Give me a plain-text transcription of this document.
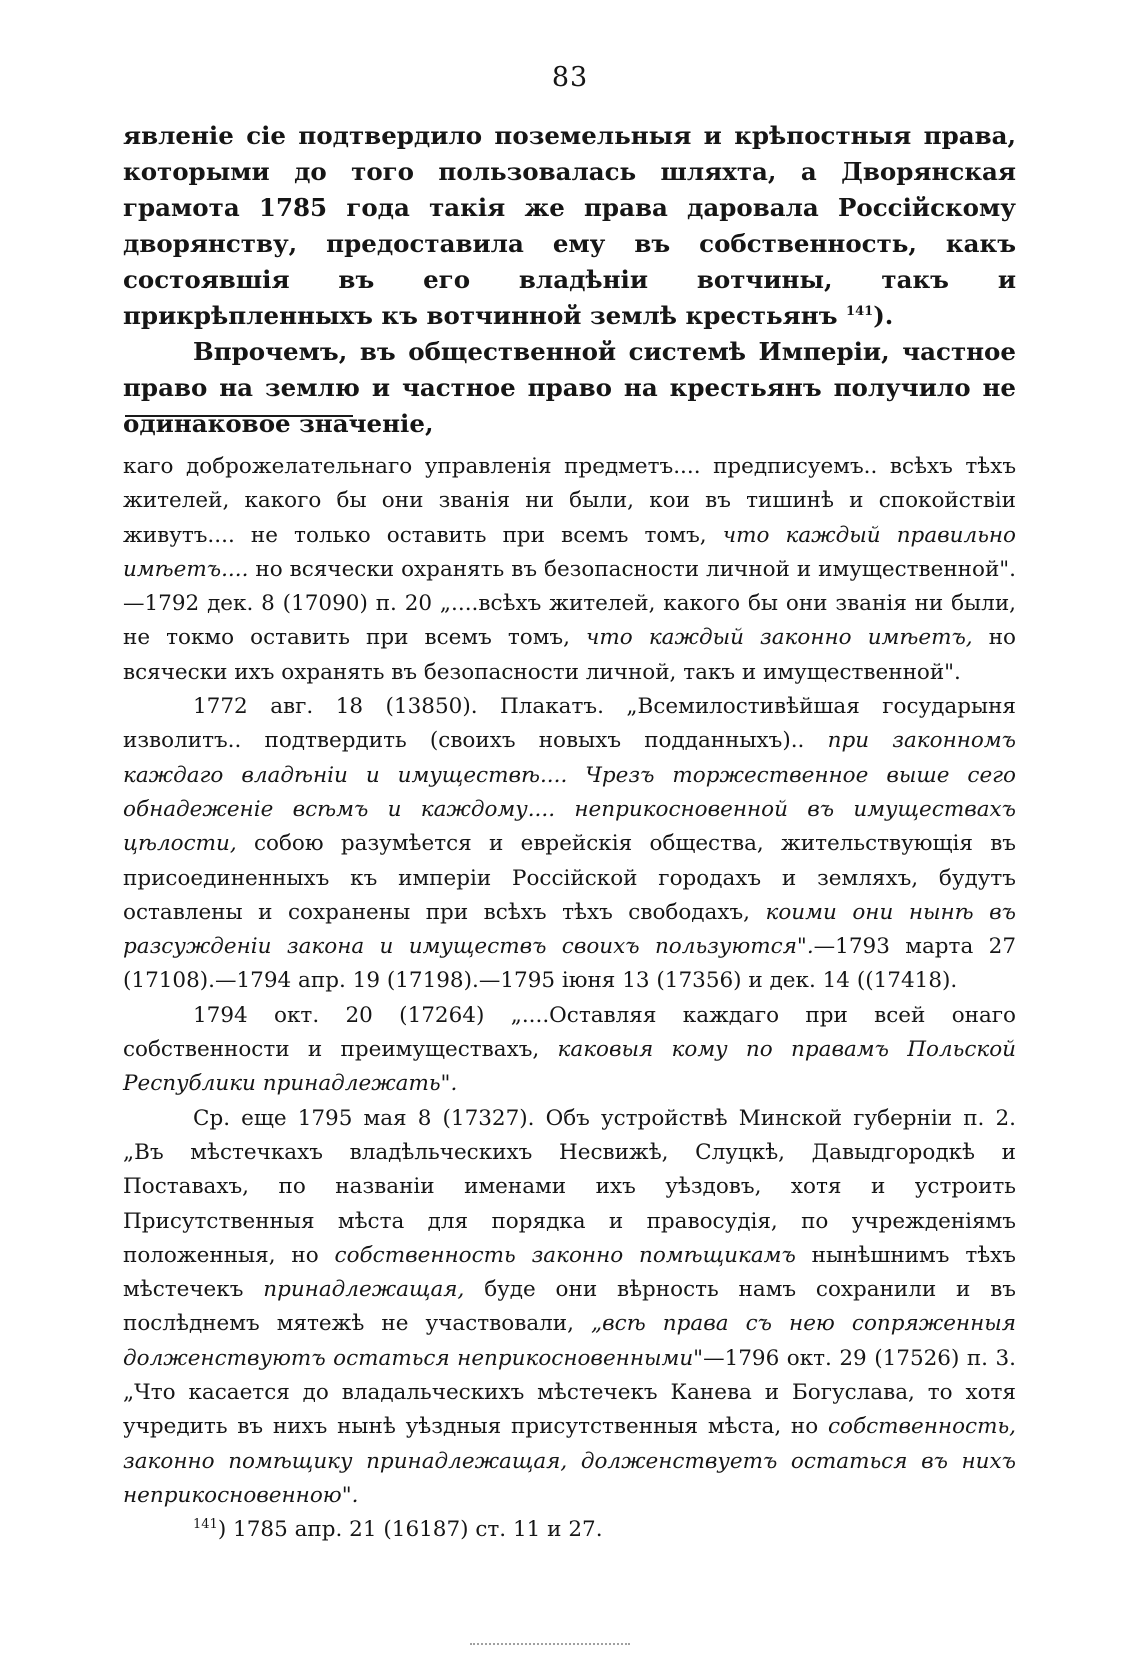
83

явленіе сіе подтвердило поземельныя и крѣпостныя права, которыми до того пользовалась шляхта, а Дворянская грамота 1785 года такія же права даровала Россійскому дворянству, предоставила ему въ собственность, какъ состоявшія въ его владѣніи вотчины, такъ и прикрѣпленныхъ къ вотчинной землѣ крестьянъ $^{141}$).

Впрочемъ, въ общественной системѣ Имперіи, частное право на землю и частное право на крестьянъ получило не одинаковое значеніе,

каго доброжелательнаго управленія предметъ.... предписуемъ.. всѣхъ тѣхъ жителей, какого бы они званія ни были, кои въ тишинѣ и спокойствіи живутъ.... не только оставить при всемъ томъ, что каждый правильно имѣетъ.... но всячески охранять въ безопасности личной и имущественной". —1792 дек. 8 (17090) п. 20 „....всѣхъ жителей, какого бы они званія ни были, не токмо оставить при всемъ томъ, что каждый законно имѣетъ, но всячески ихъ охранять въ безопасности личной, такъ и имущественной".

1772 авг. 18 (13850). Плакатъ. „Всемилостивѣйшая государыня изволитъ.. подтвердить (своихъ новыхъ подданныхъ).. при законномъ каждаго владѣніи и имуществѣ.... Чрезъ торжественное выше сего обнадеженіе всѣмъ и каждому.... неприкосновенной въ имуществахъ цѣлости, собою разумѣется и еврейскія общества, жительствующія въ присоединенныхъ къ имперіи Россійской городахъ и земляхъ, будутъ оставлены и сохранены при всѣхъ тѣхъ свободахъ, коими они нынѣ въ разсужденіи закона и имуществъ своихъ пользуются".—1793 марта 27 (17108).—1794 апр. 19 (17198).—1795 іюня 13 (17356) и дек. 14 ((17418).

1794 окт. 20 (17264) „....Оставляя каждаго при всей онаго собственности и преимуществахъ, каковыя кому по правамъ Польской Республики принадлежать".

Ср. еще 1795 мая 8 (17327). Объ устройствѣ Минской губерніи п. 2. „Въ мѣстечкахъ владѣльческихъ Несвижѣ, Слуцкѣ, Давыдгородкѣ и Поставахъ, по названіи именами ихъ уѣздовъ, хотя и устроить Присутственныя мѣста для порядка и правосудія, по учрежденіямъ положенныя, но собственность законно помѣщикамъ нынѣшнимъ тѣхъ мѣстечекъ принадлежащая, буде они вѣрность намъ сохранили и въ послѣднемъ мятежѣ не участвовали, „всѣ права съ нею сопряженныя долженствуютъ остаться неприкосновенными"—1796 окт. 29 (17526) п. 3. „Что касается до владальческихъ мѣстечекъ Канева и Богуслава, то хотя учредить въ нихъ нынѣ уѣздныя присутственныя мѣста, но собственность, законно помѣщику принадлежащая, долженствуетъ остаться въ нихъ неприкосновенною".

$^{141}$) 1785 апр. 21 (16187) ст. 11 и 27.
